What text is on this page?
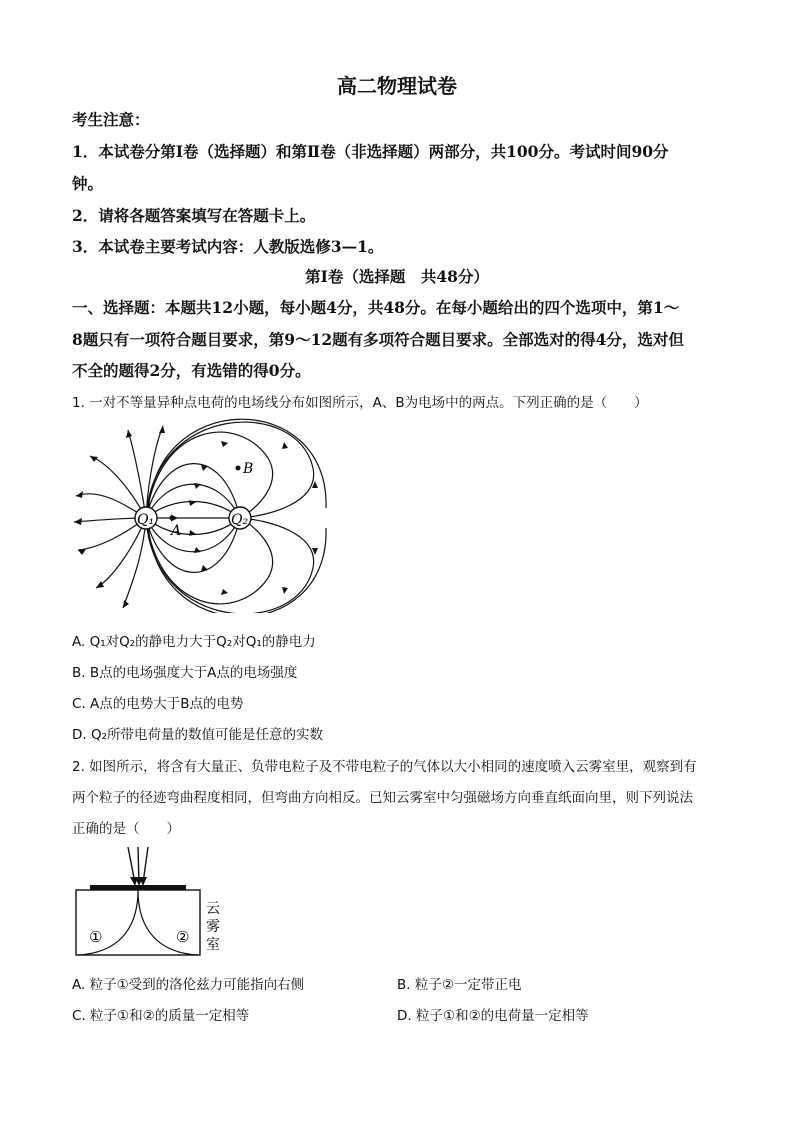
高二物理试卷
考生注意：
1．本试卷分第Ⅰ卷（选择题）和第Ⅱ卷（非选择题）两部分，共100分。考试时间90分
钟。
2．请将各题答案填写在答题卡上。
3．本试卷主要考试内容：人教版选修3—1。
第Ⅰ卷（选择题　共48分）
一、选择题：本题共12小题，每小题4分，共48分。在每小题给出的四个选项中，第1～
8题只有一项符合题目要求，第9～12题有多项符合题目要求。全部选对的得4分，选对但
不全的题得2分，有选错的得0分。
1. 一对不等量异种点电荷的电场线分布如图所示，A、B为电场中的两点。下列正确的是（　　）
Q₁	Q₂
A
B
A. Q₁对Q₂的静电力大于Q₂对Q₁的静电力
B. B点的电场强度大于A点的电场强度
C. A点的电势大于B点的电势
D. Q₂所带电荷量的数值可能是任意的实数
2. 如图所示，将含有大量正、负带电粒子及不带电粒子的气体以大小相同的速度喷入云雾室里，观察到有
两个粒子的径迹弯曲程度相同，但弯曲方向相反。已知云雾室中匀强磁场方向垂直纸面向里，则下列说法
正确的是（　　）
①	②
云
雾
室
A. 粒子①受到的洛伦兹力可能指向右侧	B. 粒子②一定带正电
C. 粒子①和②的质量一定相等	D. 粒子①和②的电荷量一定相等
